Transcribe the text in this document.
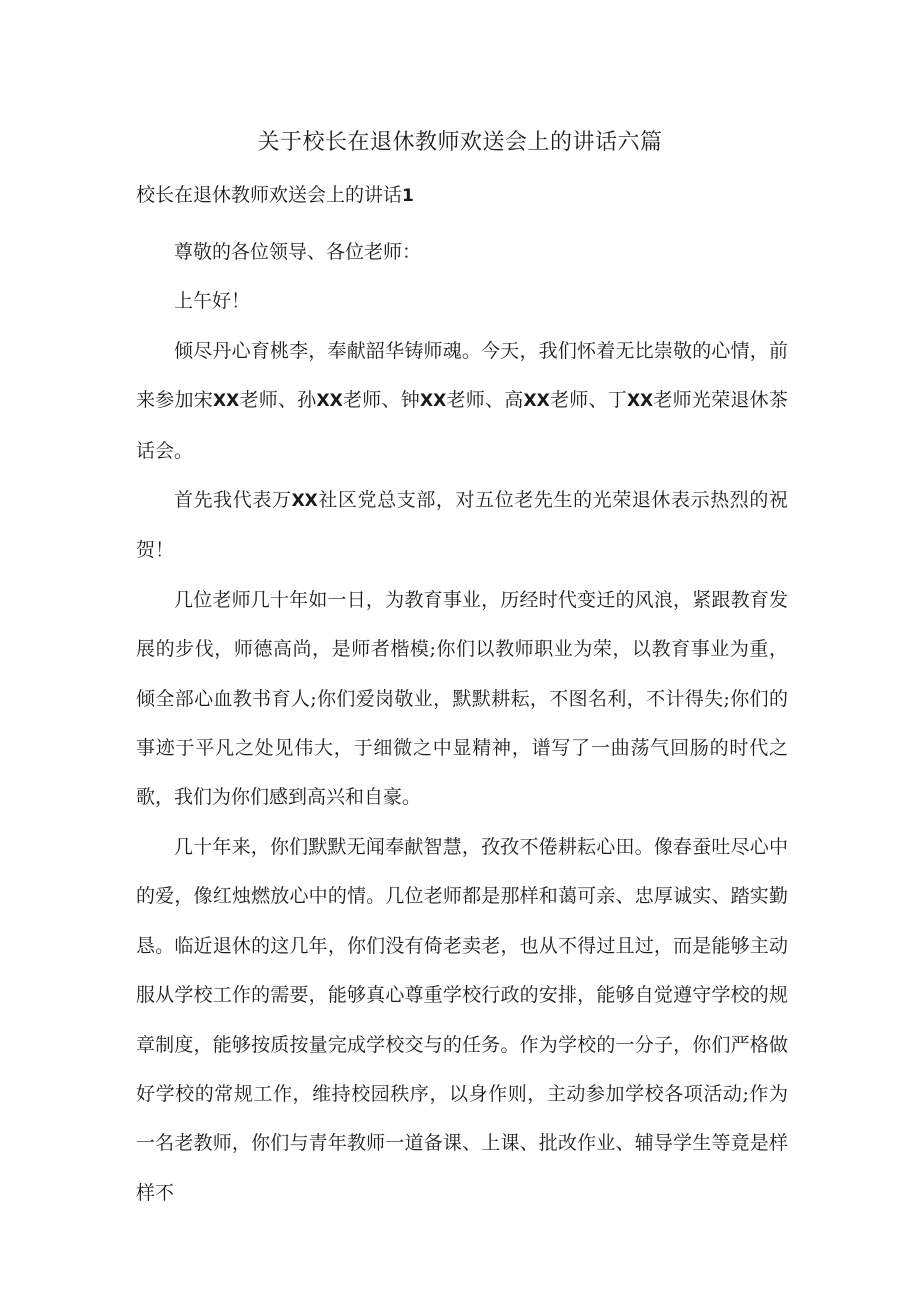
关于校长在退休教师欢送会上的讲话六篇
校长在退休教师欢送会上的讲话1

尊敬的各位领导、各位老师：

上午好！

倾尽丹心育桃李，奉献韶华铸师魂。今天，我们怀着无比崇敬的心情，前来参加宋XX老师、孙XX老师、钟XX老师、高XX老师、丁XX老师光荣退休茶话会。

首先我代表万XX社区党总支部，对五位老先生的光荣退休表示热烈的祝贺！

几位老师几十年如一日，为教育事业，历经时代变迁的风浪，紧跟教育发展的步伐，师德高尚，是师者楷模;你们以教师职业为荣，以教育事业为重，倾全部心血教书育人;你们爱岗敬业，默默耕耘，不图名利，不计得失;你们的事迹于平凡之处见伟大，于细微之中显精神，谱写了一曲荡气回肠的时代之歌，我们为你们感到高兴和自豪。

几十年来，你们默默无闻奉献智慧，孜孜不倦耕耘心田。像春蚕吐尽心中的爱，像红烛燃放心中的情。几位老师都是那样和蔼可亲、忠厚诚实、踏实勤恳。临近退休的这几年，你们没有倚老卖老，也从不得过且过，而是能够主动服从学校工作的需要，能够真心尊重学校行政的安排，能够自觉遵守学校的规章制度，能够按质按量完成学校交与的任务。作为学校的一分子，你们严格做好学校的常规工作，维持校园秩序，以身作则，主动参加学校各项活动;作为一名老教师，你们与青年教师一道备课、上课、批改作业、辅导学生等竟是样样不
